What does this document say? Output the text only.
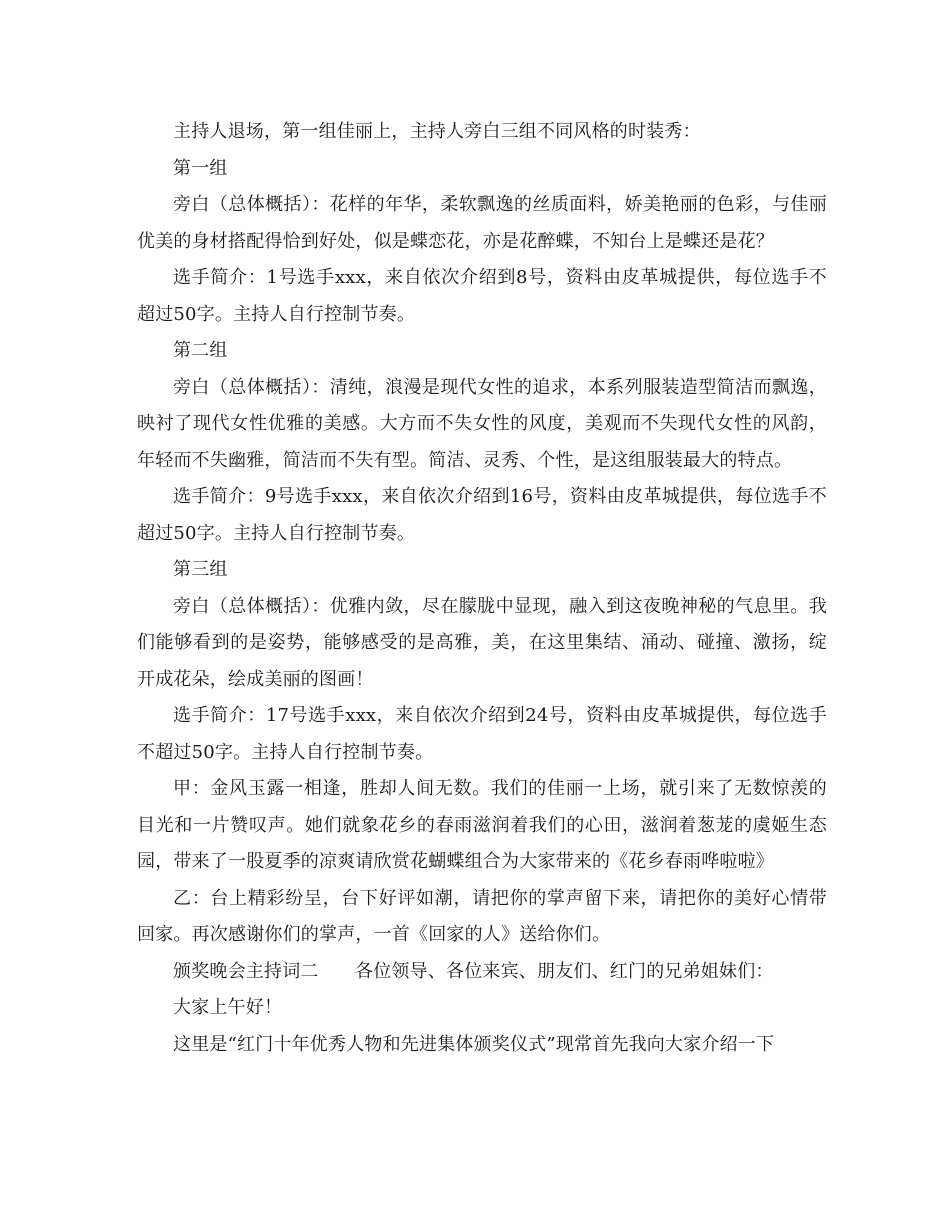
主持人退场，第一组佳丽上，主持人旁白三组不同风格的时装秀：

第一组

旁白（总体概括）：花样的年华，柔软飘逸的丝质面料，娇美艳丽的色彩，与佳丽优美的身材搭配得恰到好处，似是蝶恋花，亦是花醉蝶，不知台上是蝶还是花？

选手简介：1号选手xxx，来自依次介绍到8号，资料由皮革城提供，每位选手不超过50字。主持人自行控制节奏。

第二组

旁白（总体概括）：清纯，浪漫是现代女性的追求，本系列服装造型简洁而飘逸，映衬了现代女性优雅的美感。大方而不失女性的风度，美观而不失现代女性的风韵，年轻而不失幽雅，简洁而不失有型。简洁、灵秀、个性，是这组服装最大的特点。

选手简介：9号选手xxx，来自依次介绍到16号，资料由皮革城提供，每位选手不超过50字。主持人自行控制节奏。

第三组

旁白（总体概括）：优雅内敛，尽在朦胧中显现，融入到这夜晚神秘的气息里。我们能够看到的是姿势，能够感受的是高雅，美，在这里集结、涌动、碰撞、激扬，绽开成花朵，绘成美丽的图画！

选手简介：17号选手xxx，来自依次介绍到24号，资料由皮革城提供，每位选手不超过50字。主持人自行控制节奏。

甲：金风玉露一相逢，胜却人间无数。我们的佳丽一上场，就引来了无数惊羡的目光和一片赞叹声。她们就象花乡的春雨滋润着我们的心田，滋润着葱茏的虞姬生态园，带来了一股夏季的凉爽请欣赏花蝴蝶组合为大家带来的《花乡春雨哗啦啦》

乙：台上精彩纷呈，台下好评如潮，请把你的掌声留下来，请把你的美好心情带回家。再次感谢你们的掌声，一首《回家的人》送给你们。

颁奖晚会主持词二　　各位领导、各位来宾、朋友们、红门的兄弟姐妹们：

大家上午好！

这里是“红门十年优秀人物和先进集体颁奖仪式”现常首先我向大家介绍一下
